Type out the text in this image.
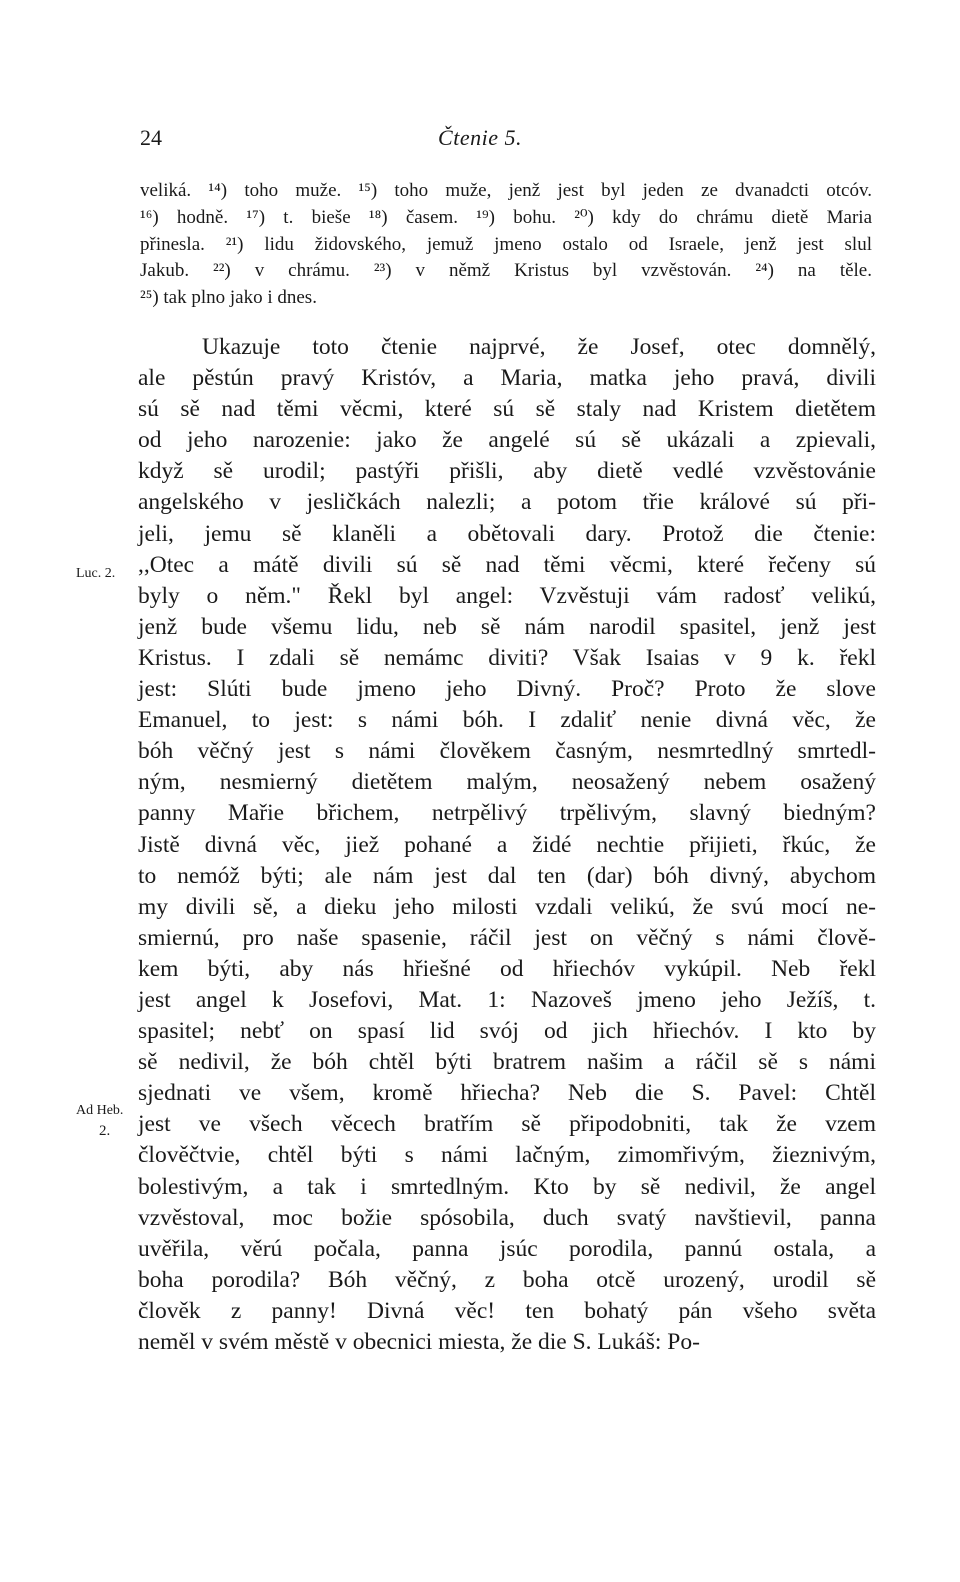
24	Čtenie 5.
veliká. ¹⁴) toho muže. ¹⁵) toho muže, jenž jest byl jeden ze dvanadcti otcóv.
¹⁶) hodně. ¹⁷) t. bieše ¹⁸) časem. ¹⁹) bohu. ²⁰) kdy do chrámu dietě Maria
přinesla. ²¹) lidu židovského, jemuž jmeno ostalo od Israele, jenž jest slul
Jakub. ²²) v chrámu. ²³) v němž Kristus byl vzvěstován. ²⁴) na těle.
²⁵) tak plno jako i dnes.
Ukazuje toto čtenie najprvé, že Josef, otec domnělý,
ale pěstún pravý Kristóv, a Maria, matka jeho pravá, divili
sú sě nad těmi věcmi, které sú sě staly nad Kristem dietětem
od jeho narozenie: jako že angelé sú sě ukázali a zpievali,
když sě urodil; pastýři přišli, aby dietě vedlé vzvěstovánie
angelského v jesličkách nalezli; a potom třie králové sú při-
jeli, jemu sě klaněli a obětovali dary. Protož die čtenie:
,,Otec a mátě divili sú sě nad těmi věcmi, které řečeny sú
byly o něm." Řekl byl angel: Vzvěstuji vám radosť velikú,
jenž bude všemu lidu, neb sě nám narodil spasitel, jenž jest
Kristus. I zdali sě nemámc diviti? Však Isaias v 9 k. řekl
jest: Slúti bude jmeno jeho Divný. Proč? Proto že slove
Emanuel, to jest: s námi bóh. I zdaliť nenie divná věc, že
bóh věčný jest s námi člověkem časným, nesmrtedlný smrtedl-
ným, nesmierný dietětem malým, neosažený nebem osažený
panny Mařie břichem, netrpělivý trpělivým, slavný biedným?
Jistě divná věc, jiež pohané a židé nechtie přijieti, řkúc, že
to nemóž býti; ale nám jest dal ten (dar) bóh divný, abychom
my divili sě, a dieku jeho milosti vzdali velikú, že svú mocí ne-
smiernú, pro naše spasenie, ráčil jest on věčný s námi člově-
kem býti, aby nás hřiešné od hřiechóv vykúpil. Neb řekl
jest angel k Josefovi, Mat. 1: Nazoveš jmeno jeho Ježíš, t.
spasitel; nebť on spasí lid svój od jich hřiechóv. I kto by
sě nedivil, že bóh chtěl býti bratrem našim a ráčil sě s námi
sjednati ve všem, kromě hřiecha? Neb die S. Pavel: Chtěl
jest ve všech věcech bratřím sě připodobniti, tak že vzem
člověčtvie, chtěl býti s námi lačným, zimomřivým, žieznivým,
bolestivým, a tak i smrtedlným. Kto by sě nedivil, že angel
vzvěstoval, moc božie spósobila, duch svatý navštievil, panna
uvěřila, věrú počala, panna jsúc porodila, pannú ostala, a
boha porodila? Bóh věčný, z boha otcě urozený, urodil sě
člověk z panny! Divná věc! ten bohatý pán všeho světa
neměl v svém městě v obecnici miesta, že die S. Lukáš: Po-
Luc. 2.
Ad Heb.
2.
